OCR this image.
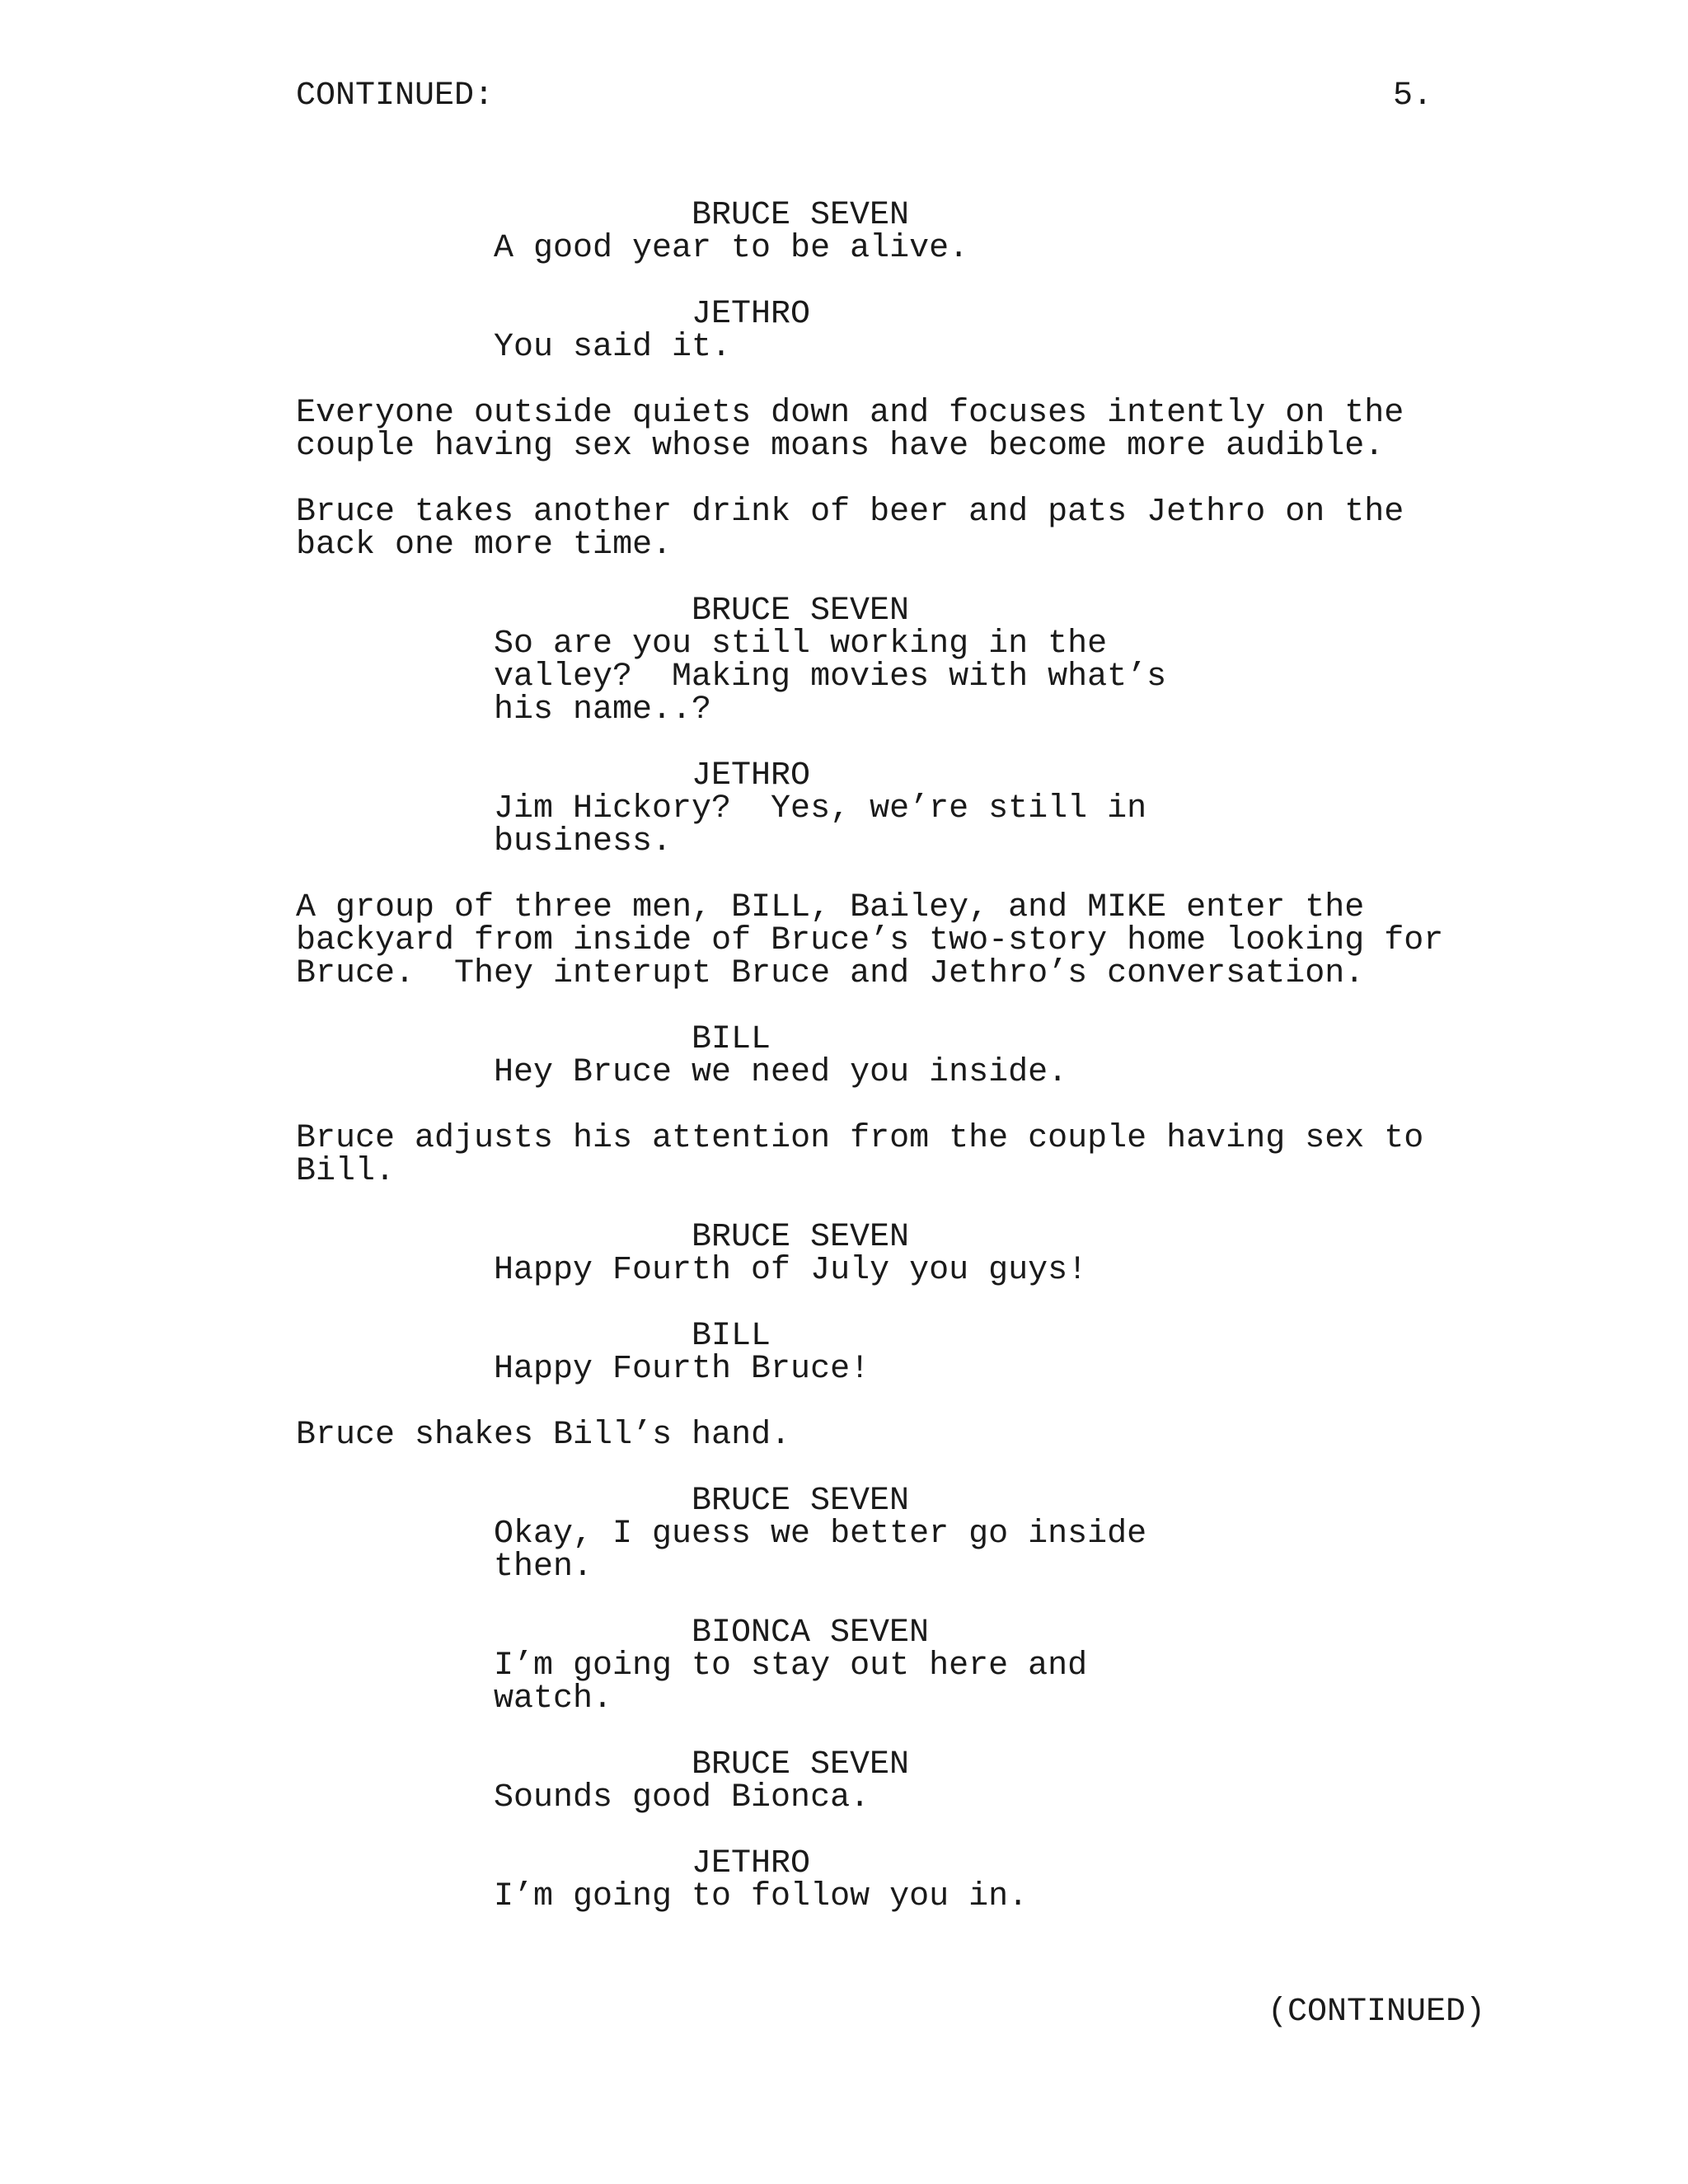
CONTINUED:	5.
BRUCE SEVEN
A good year to be alive.
JETHRO
You said it.
Everyone outside quiets down and focuses intently on the
couple having sex whose moans have become more audible.
Bruce takes another drink of beer and pats Jethro on the
back one more time.
BRUCE SEVEN
So are you still working in the
valley?  Making movies with what’s
his name..?
JETHRO
Jim Hickory?  Yes, we’re still in
business.
A group of three men, BILL, Bailey, and MIKE enter the
backyard from inside of Bruce’s two-story home looking for
Bruce.  They interupt Bruce and Jethro’s conversation.
BILL
Hey Bruce we need you inside.
Bruce adjusts his attention from the couple having sex to
Bill.
BRUCE SEVEN
Happy Fourth of July you guys!
BILL
Happy Fourth Bruce!
Bruce shakes Bill’s hand.
BRUCE SEVEN
Okay, I guess we better go inside
then.
BIONCA SEVEN
I’m going to stay out here and
watch.
BRUCE SEVEN
Sounds good Bionca.
JETHRO
I’m going to follow you in.
(CONTINUED)
